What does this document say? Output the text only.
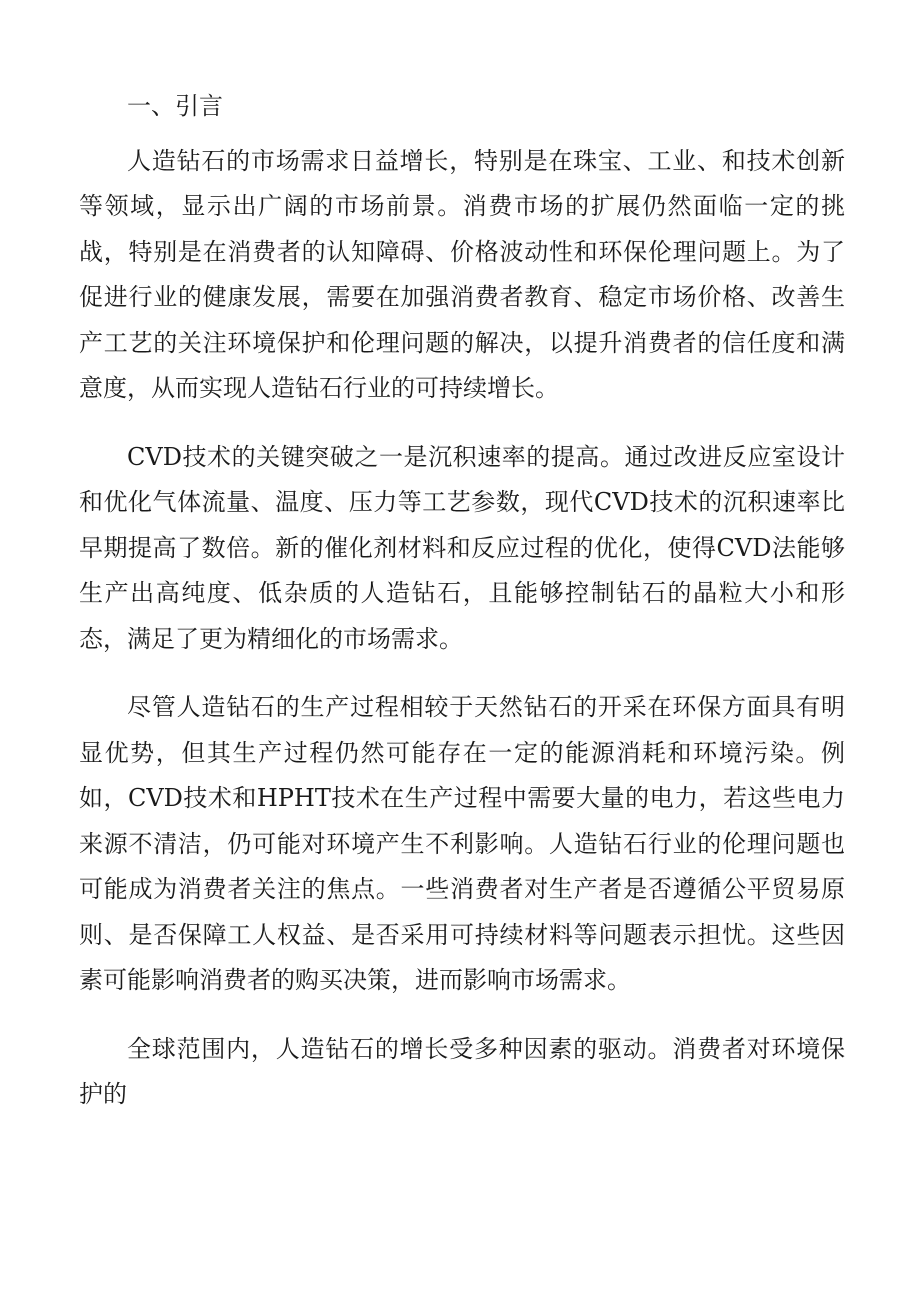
一、引言

人造钻石的市场需求日益增长，特别是在珠宝、工业、和技术创新等领域，显示出广阔的市场前景。消费市场的扩展仍然面临一定的挑战，特别是在消费者的认知障碍、价格波动性和环保伦理问题上。为了促进行业的健康发展，需要在加强消费者教育、稳定市场价格、改善生产工艺的关注环境保护和伦理问题的解决，以提升消费者的信任度和满意度，从而实现人造钻石行业的可持续增长。

CVD技术的关键突破之一是沉积速率的提高。通过改进反应室设计和优化气体流量、温度、压力等工艺参数，现代CVD技术的沉积速率比早期提高了数倍。新的催化剂材料和反应过程的优化，使得CVD法能够生产出高纯度、低杂质的人造钻石，且能够控制钻石的晶粒大小和形态，满足了更为精细化的市场需求。

尽管人造钻石的生产过程相较于天然钻石的开采在环保方面具有明显优势，但其生产过程仍然可能存在一定的能源消耗和环境污染。例如，CVD技术和HPHT技术在生产过程中需要大量的电力，若这些电力来源不清洁，仍可能对环境产生不利影响。人造钻石行业的伦理问题也可能成为消费者关注的焦点。一些消费者对生产者是否遵循公平贸易原则、是否保障工人权益、是否采用可持续材料等问题表示担忧。这些因素可能影响消费者的购买决策，进而影响市场需求。

全球范围内，人造钻石的增长受多种因素的驱动。消费者对环境保护的
